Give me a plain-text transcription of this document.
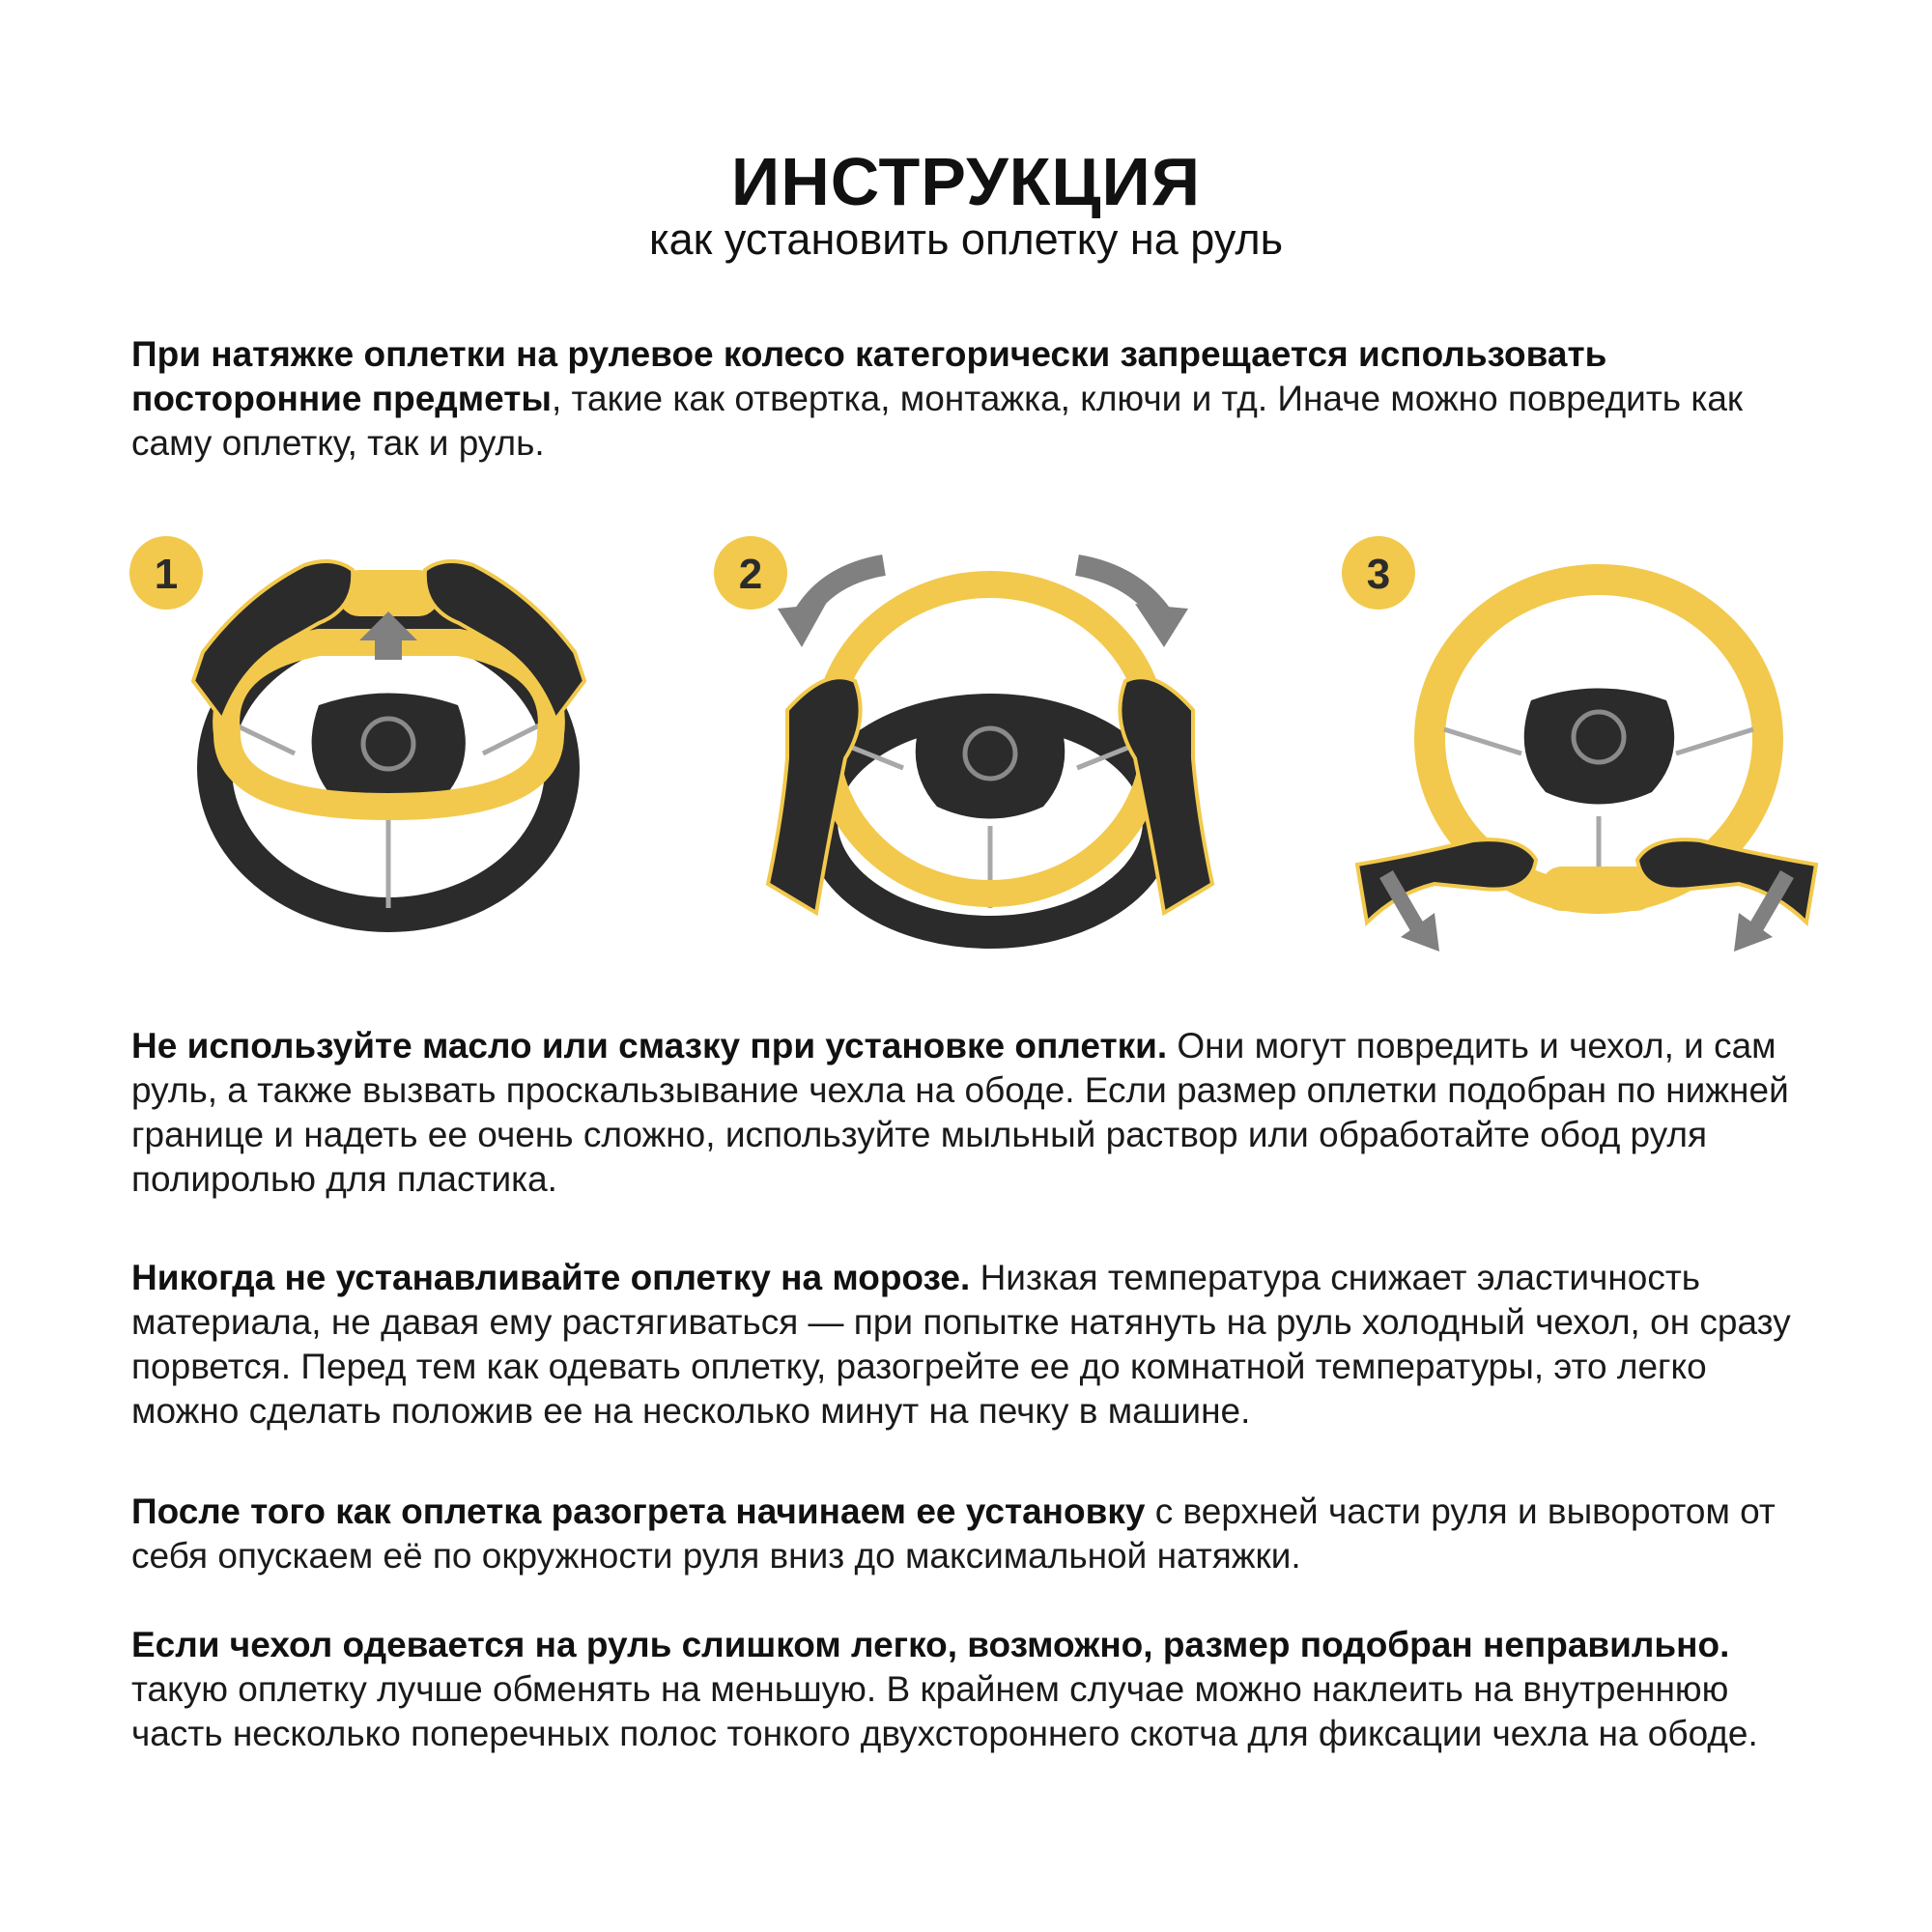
ИНСТРУКЦИЯ
как установить оплетку на руль
При натяжке оплетки на рулевое колесо категорически запрещается использовать посторонние предметы, такие как отвертка, монтажка, ключи и тд. Иначе можно повредить как саму оплетку, так и руль.
1	2	3
Не используйте масло или смазку при установке оплетки. Они могут повредить и чехол, и сам руль, а также вызвать проскальзывание чехла на ободе. Если размер оплетки подобран по нижней границе и надеть ее очень сложно, используйте мыльный раствор или обработайте обод руля полиролью для пластика.
Никогда не устанавливайте оплетку на морозе. Низкая температура снижает эластичность материала, не давая ему растягиваться — при попытке натянуть на руль холодный чехол, он сразу порвется. Перед тем как одевать оплетку, разогрейте ее до комнатной температуры, это легко можно сделать положив ее на несколько минут на печку в машине.
После того как оплетка разогрета начинаем ее установку с верхней части руля и выворотом от себя опускаем её по окружности руля вниз до максимальной натяжки.
Если чехол одевается на руль слишком легко, возможно, размер подобран неправильно. такую оплетку лучше обменять на меньшую. В крайнем случае можно наклеить на внутреннюю часть несколько поперечных полос тонкого двухстороннего скотча для фиксации чехла на ободе.
